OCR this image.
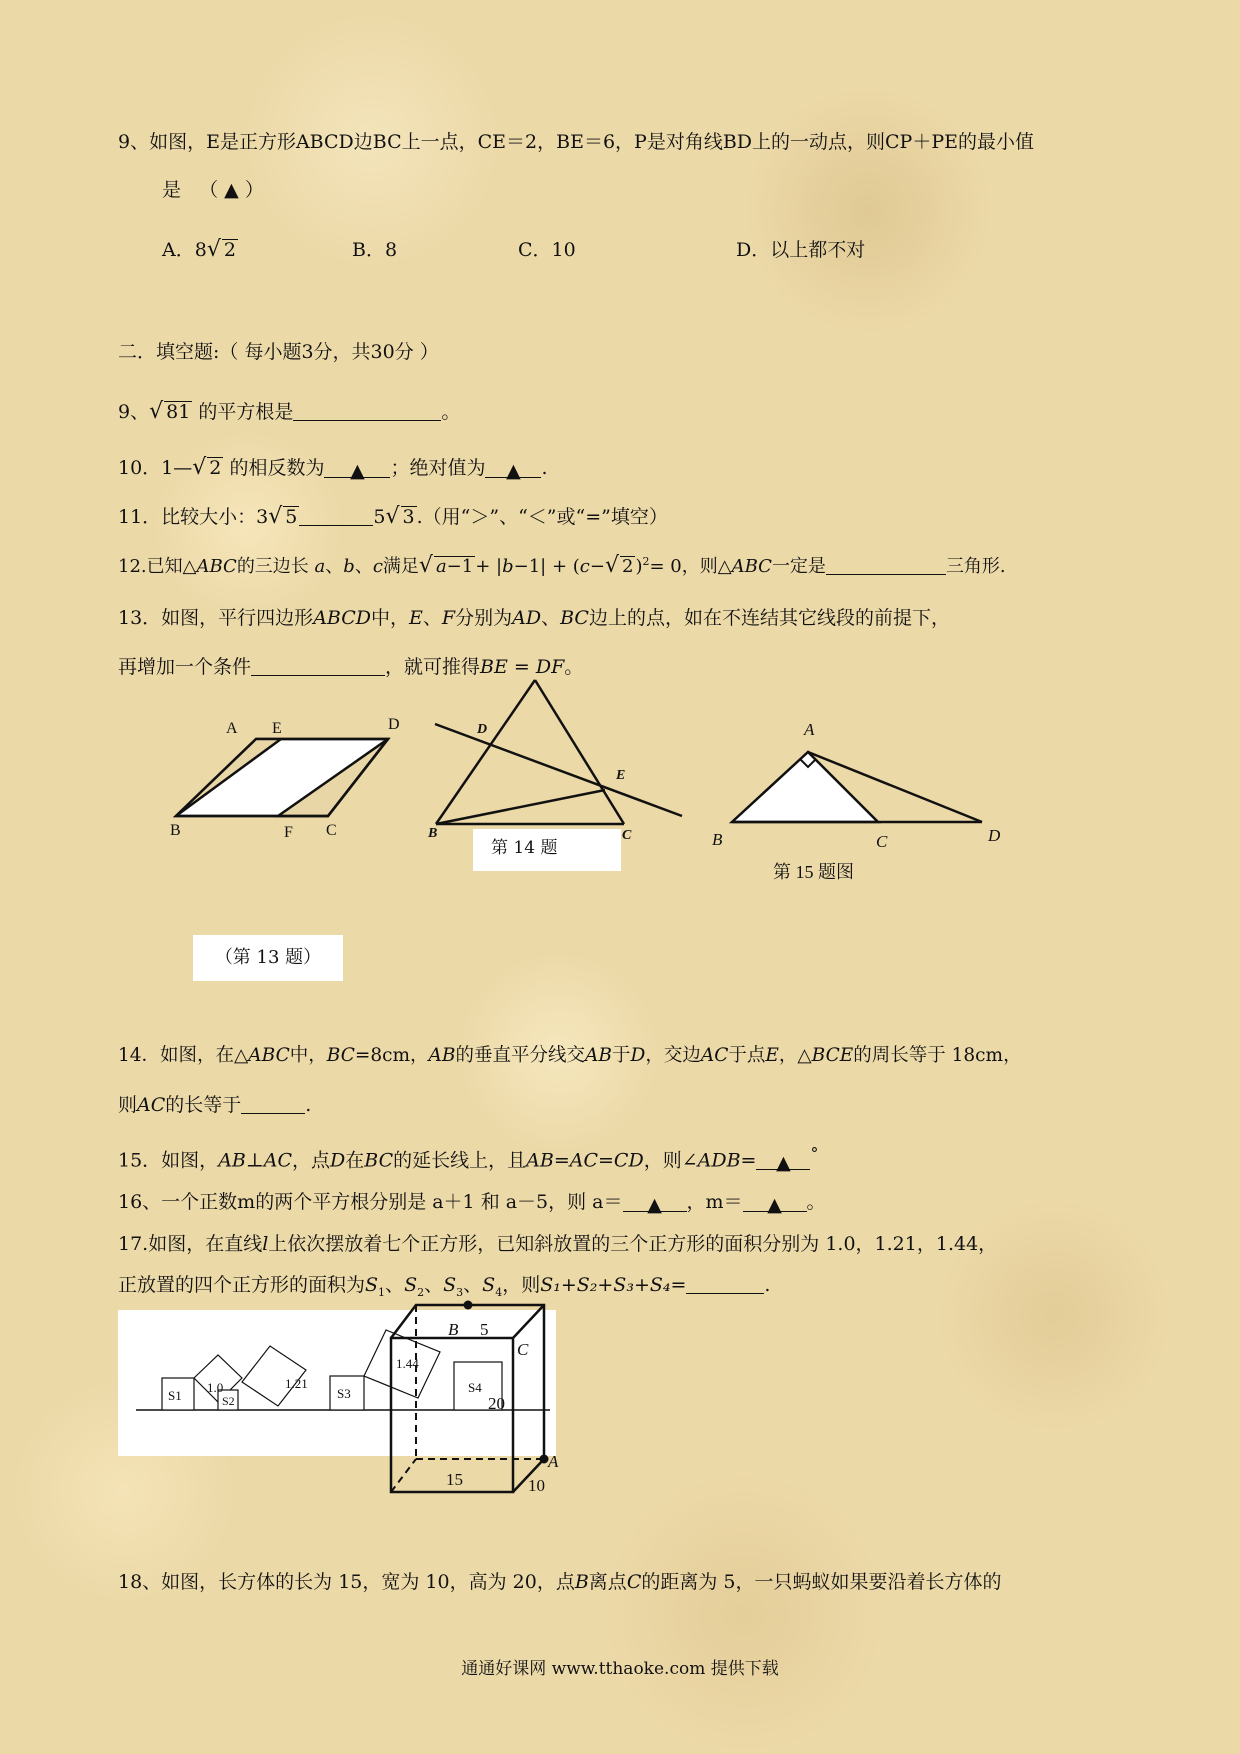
9、如图，E是正方形ABCD边BC上一点，CE＝2，BE＝6，P是对角线BD上的一动点，则CP＋PE的最小值
是 （ ▲ ）
A．8√ 2	B．8	C．10	D．以上都不对
二．填空题:（ 每小题3分，共30分 ）
9、√ 81 的平方根是	。
10．1—√ 2 的相反数为 ▲ ；绝对值为 ▲ .
11．比较大小：3√ 5	5√ 3 .（用“＞”、“＜”或“=”填空）
12.已知△ABC的三边长 a、b、c满足√ a−1 + |b−1| + (c−√ 2 )$^2$= 0，则△ABC一定是	三角形.
13．如图，平行四边形ABCD中，E、F分别为AD、BC边上的点，如在不连结其它线段的前提下，
再增加一个条件	，就可推得BE = DF。
A E	D
B	F C
（第 13 题）
D
E
B	C
第 14 题
A
B	C	D
第 15 题图
14．如图，在△ABC中，BC=8cm，AB的垂直平分线交AB于D，交边AC于点E，△BCE的周长等于 18cm，
则AC的长等于	.
15．如图，AB⊥AC，点D在BC的延长线上，且AB=AC=CD，则∠ADB= ▲ °
16、一个正数m的两个平方根分别是 a＋1 和 a－5，则 a＝ ▲ ，m＝ ▲ 。
17.如图，在直线l上依次摆放着七个正方形，已知斜放置的三个正方形的面积分别为 1.0，1.21，1.44，
正放置的四个正方形的面积为$S_1$、$S_2$、$S_3$、$S_4$，则S₁+S₂+S₃+S₄=	.
S1
1.0
S2
1.21
S3
1.44
S4
B 5
C
20
A
15	10
18、如图，长方体的长为 15，宽为 10，高为 20，点B离点C的距离为 5，一只蚂蚁如果要沿着长方体的
通通好课网 www.tthaoke.com 提供下载
